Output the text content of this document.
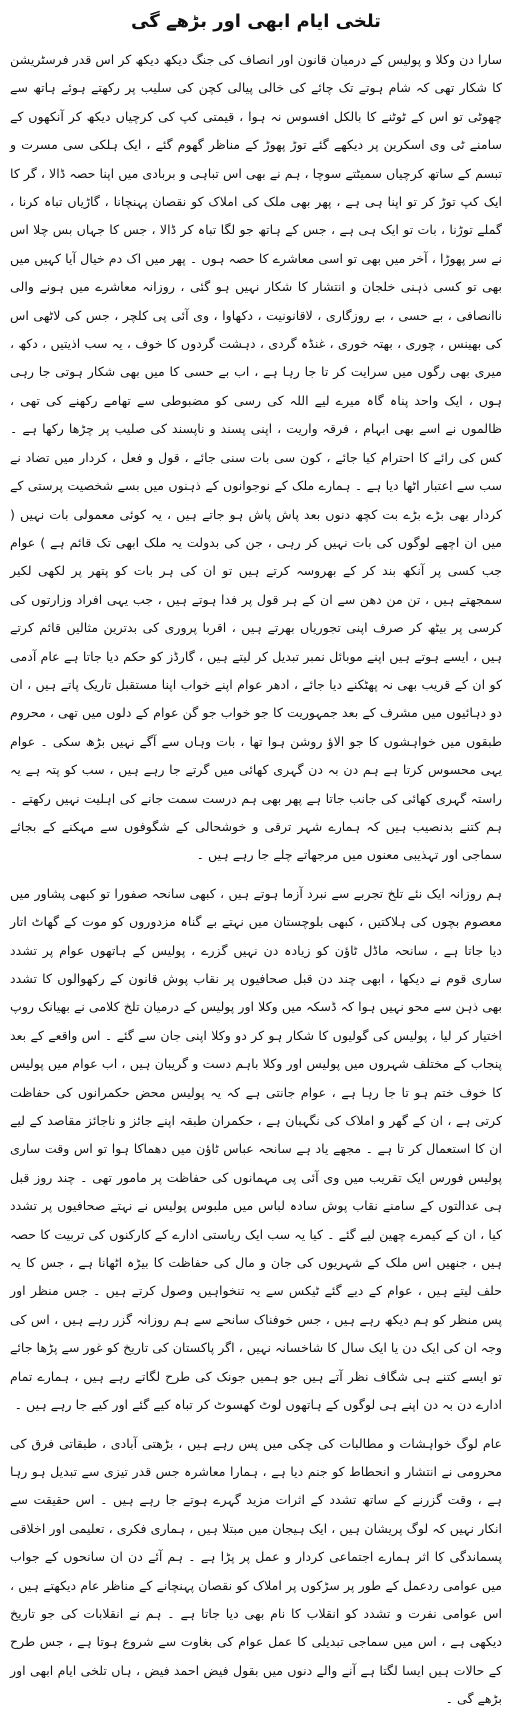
تلخی ایام ابھی اور بڑھے گی
سارا دن وکلا و پولیس کے درمیان قانون اور انصاف کی جنگ دیکھ دیکھ کر اس قدر فرسٹریشن کا شکار تھی کہ شام ہوتے تک چائے کی خالی پیالی کچن کی سلیب پر رکھتے ہوئے ہاتھ سے چھوٹی تو اس کے ٹوٹنے کا بالکل افسوس نہ ہوا ، قیمتی کپ کی کرچیاں دیکھ کر آنکھوں کے سامنے ٹی وی اسکرین پر دیکھے گئے توڑ پھوڑ کے مناظر گھوم گئے ، ایک ہلکی سی مسرت و تبسم کے ساتھ کرچیاں سمیٹتے سوچا ، ہم نے بھی اس تباہی و بربادی میں اپنا حصہ ڈالا ، گر کا ایک کپ توڑ کر تو اپنا ہی ہے ، پھر بھی ملک کی املاک کو نقصان پہنچانا ، گاڑیاں تباہ کرنا ، گملے توڑنا ، بات تو ایک ہی ہے ، جس کے ہاتھ جو لگا تباہ کر ڈالا ، جس کا جہاں بس چلا اس نے سر پھوڑا ، آخر میں بھی تو اسی معاشرے کا حصہ ہوں ۔ پھر میں اک دم خیال آیا کہیں میں بھی تو کسی ذہنی خلجان و انتشار کا شکار نہیں ہو گئی ، روزانہ معاشرے میں ہونے والی ناانصافی ، بے حسی ، بے روزگاری ، لاقانونیت ، دکھاوا ، وی آئی پی کلچر ، جس کی لاٹھی اس کی بھینس ، چوری ، بھتہ خوری ، غنڈہ گردی ، دہشت گردوں کا خوف ، یہ سب اذیتیں ، دکھ ، میری بھی رگوں میں سرایت کر تا جا رہا ہے ، اب بے حسی کا میں بھی شکار ہوتی جا رہی ہوں ، ایک واحد پناہ گاہ میرے لیے اللہ کی رسی کو مضبوطی سے تھامے رکھنے کی تھی ، ظالموں نے اسے بھی ابہام ، فرقہ واریت ، اپنی پسند و ناپسند کی صلیب پر چڑھا رکھا ہے ۔ کس کی رائے کا احترام کیا جائے ، کون سی بات سنی جائے ، قول و فعل ، کردار میں تضاد نے سب سے اعتبار اٹھا دیا ہے ۔ ہمارے ملک کے نوجوانوں کے ذہنوں میں بسے شخصیت پرستی کے کردار بھی بڑے بڑے بت کچھ دنوں بعد پاش پاش ہو جاتے ہیں ، یہ کوئی معمولی بات نہیں ( میں ان اچھے لوگوں کی بات نہیں کر رہی ، جن کی بدولت یہ ملک ابھی تک قائم ہے ) عوام جب کسی پر آنکھ بند کر کے بھروسہ کرتے ہیں تو ان کی ہر بات کو پتھر پر لکھی لکیر سمجھتے ہیں ، تن من دھن سے ان کے ہر قول پر فدا ہوتے ہیں ، جب یہی افراد وزارتوں کی کرسی پر بیٹھ کر صرف اپنی تجوریاں بھرتے ہیں ، اقربا پروری کی بدترین مثالیں قائم کرتے ہیں ، ایسے ہوتے ہیں اپنے موبائل نمبر تبدیل کر لیتے ہیں ، گارڈز کو حکم دیا جاتا ہے عام آدمی کو ان کے قریب بھی نہ پھٹکنے دیا جائے ، ادھر عوام اپنے خواب اپنا مستقبل تاریک پاتے ہیں ، ان دو دہائیوں میں مشرف کے بعد جمہوریت کا جو خواب جو گن عوام کے دلوں میں تھی ، محروم طبقوں میں خواہشوں کا جو الاؤ روشن ہوا تھا ، بات وہاں سے آگے نہیں بڑھ سکی ۔ عوام یہی محسوس کرتا ہے ہم دن بہ دن گہری کھائی میں گرتے جا رہے ہیں ، سب کو پتہ ہے یہ راستہ گہری کھائی کی جانب جاتا ہے پھر بھی ہم درست سمت جانے کی اہلیت نہیں رکھتے ۔ ہم کتنے بدنصیب ہیں کہ ہمارے شہر ترقی و خوشحالی کے شگوفوں سے مہکنے کے بجائے سماجی اور تہذیبی معنوں میں مرجھاتے چلے جا رہے ہیں ۔
ہم روزانہ ایک نئے تلخ تجربے سے نبرد آزما ہوتے ہیں ، کبھی سانحہ صفورا تو کبھی پشاور میں معصوم بچوں کی ہلاکتیں ، کبھی بلوچستان میں نہتے بے گناہ مزدوروں کو موت کے گھاٹ اتار دیا جاتا ہے ، سانحہ ماڈل ٹاؤن کو زیادہ دن نہیں گزرے ، پولیس کے ہاتھوں عوام پر تشدد ساری قوم نے دیکھا ، ابھی چند دن قبل صحافیوں پر نقاب پوش قانون کے رکھوالوں کا تشدد بھی ذہن سے محو نہیں ہوا کہ ڈسکہ میں وکلا اور پولیس کے درمیان تلخ کلامی نے بھیانک روپ اختیار کر لیا ، پولیس کی گولیوں کا شکار ہو کر دو وکلا اپنی جان سے گئے ۔ اس واقعے کے بعد پنجاب کے مختلف شہروں میں پولیس اور وکلا باہم دست و گریبان ہیں ، اب عوام میں پولیس کا خوف ختم ہو تا جا رہا ہے ، عوام جانتی ہے کہ یہ پولیس محض حکمرانوں کی حفاظت کرتی ہے ، ان کے گھر و املاک کی نگہبان ہے ، حکمران طبقہ اپنے جائز و ناجائز مقاصد کے لیے ان کا استعمال کر تا ہے ۔ مجھے یاد ہے سانحہ عباس ٹاؤن میں دھماکا ہوا تو اس وقت ساری پولیس فورس ایک تقریب میں وی آئی پی مہمانوں کی حفاظت پر مامور تھی ۔ چند روز قبل ہی عدالتوں کے سامنے نقاب پوش سادہ لباس میں ملبوس پولیس نے نہتے صحافیوں پر تشدد کیا ، ان کے کیمرے چھین لیے گئے ۔ کیا یہ سب ایک ریاستی ادارے کے کارکنوں کی تربیت کا حصہ ہیں ، جنھیں اس ملک کے شہریوں کی جان و مال کی حفاظت کا بیڑہ اٹھانا ہے ، جس کا یہ حلف لیتے ہیں ، عوام کے دیے گئے ٹیکس سے یہ تنخواہیں وصول کرتے ہیں ۔ جس منظر اور پس منظر کو ہم دیکھ رہے ہیں ، جس خوفناک سانحے سے ہم روزانہ گزر رہے ہیں ، اس کی وجہ ان کی ایک دن یا ایک سال کا شاخسانہ نہیں ، اگر پاکستان کی تاریخ کو غور سے پڑھا جائے تو ایسے کتنے ہی شگاف نظر آتے ہیں جو ہمیں جونک کی طرح لگاتے رہے ہیں ، ہمارے تمام ادارے دن بہ دن اپنے ہی لوگوں کے ہاتھوں لوٹ کھسوٹ کر تباہ کیے گئے اور کیے جا رہے ہیں ۔
عام لوگ خواہشات و مطالبات کی چکی میں پس رہے ہیں ، بڑھتی آبادی ، طبقاتی فرق کی محرومی نے انتشار و انحطاط کو جنم دیا ہے ، ہمارا معاشرہ جس قدر تیزی سے تبدیل ہو رہا ہے ، وقت گزرنے کے ساتھ تشدد کے اثرات مزید گہرے ہوتے جا رہے ہیں ۔ اس حقیقت سے انکار نہیں کہ لوگ پریشان ہیں ، ایک ہیجان میں مبتلا ہیں ، ہماری فکری ، تعلیمی اور اخلاقی پسماندگی کا اثر ہمارے اجتماعی کردار و عمل پر پڑا ہے ۔ ہم آئے دن ان سانحوں کے جواب میں عوامی ردعمل کے طور پر سڑکوں پر املاک کو نقصان پہنچانے کے مناظر عام دیکھتے ہیں ، اس عوامی نفرت و تشدد کو انقلاب کا نام بھی دیا جاتا ہے ۔ ہم نے انقلابات کی جو تاریخ دیکھی ہے ، اس میں سماجی تبدیلی کا عمل عوام کی بغاوت سے شروع ہوتا ہے ، جس طرح کے حالات ہیں ایسا لگتا ہے آنے والے دنوں میں بقول فیض احمد فیض ، ہاں تلخی ایام ابھی اور بڑھے گی ۔
